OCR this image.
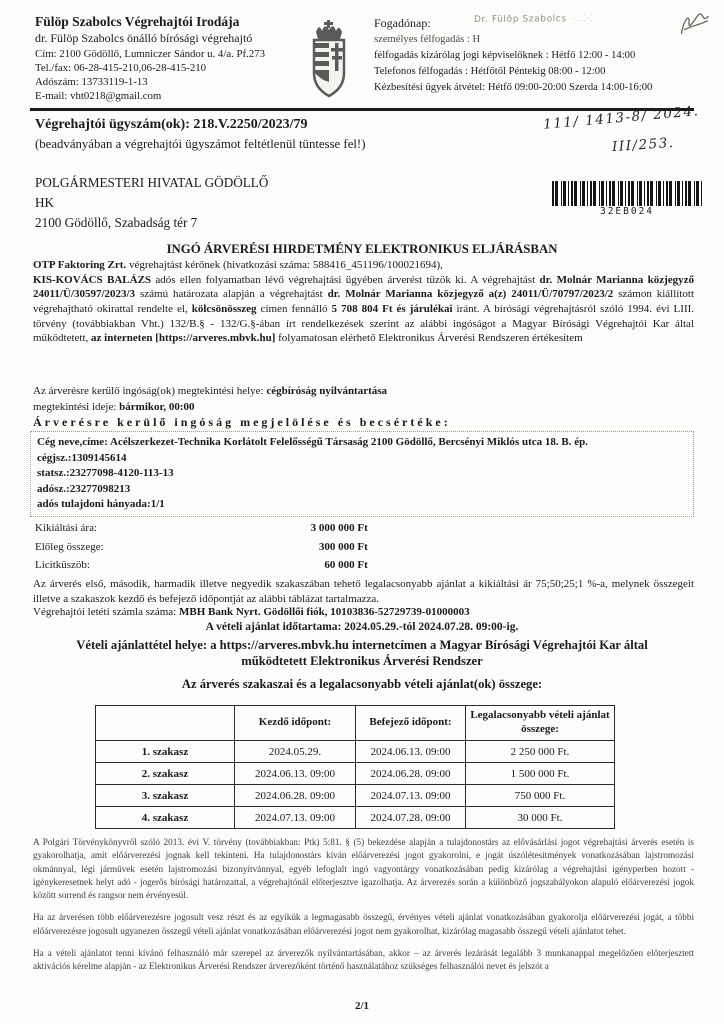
Fülöp Szabolcs Végrehajtói Irodája
dr. Fülöp Szabolcs önálló bírósági végrehajtó
Cím: 2100 Gödöllő, Lumniczer Sándor u. 4/a. Pf.273
Tel./fax: 06-28-415-210,06-28-415-210
Adószám: 13733119-1-13
E-mail: vht0218@gmail.com
Dr. Fülöp Szabolcs  ·․ׁ‥·ׁ․
Fogadónap:
személyes félfogadás : H
félfogadás kizárólag jogi képviselőknek : Hétfő 12:00 - 14:00
Telefonos félfogadás : Hétfőtől Péntekig 08:00 - 12:00
Kézbesítési ügyek átvétel: Hétfő 09:00-20:00 Szerda 14:00-16:00
Végrehajtói ügyszám(ok): 218.V.2250/2023/79
(beadványában a végrehajtói ügyszámot feltétlenül tüntesse fel!)
111/ 1413-8/ 2024.
III/253.
POLGÁRMESTERI HIVATAL GÖDÖLLŐ
HK
2100 Gödöllő, Szabadság tér 7
32EB024
INGÓ ÁRVERÉSI HIRDETMÉNY ELEKTRONIKUS ELJÁRÁSBAN
OTP Faktoring Zrt. végrehajtást kérőnek (hivatkozási száma: 588416_451196/100021694),
KIS-KOVÁCS BALÁZS adós ellen folyamatban lévő végrehajtási ügyében árverést tűzök ki. A végrehajtást dr. Molnár Marianna közjegyző 24011/Ü/30597/2023/3 számú határozata alapján a végrehajtást dr. Molnár Marianna közjegyző a(z) 24011/Ü/70797/2023/2 számon kiállított végrehajtható okirattal rendelte el, kölcsönösszeg címen fennálló 5 708 804 Ft és járulékai iránt. A bírósági végrehajtásról szóló 1994. évi LIII. törvény (továbbiakban Vht.) 132/B.§ - 132/G.§-ában írt rendelkezések szerint az alábbi ingóságot a Magyar Bírósági Végrehajtói Kar által működtetett, az interneten [https://arveres.mbvk.hu] folyamatosan elérhető Elektronikus Árverési Rendszeren értékesítem
Az árverésre kerülő ingóság(ok) megtekintési helye: cégbíróság nyilvántartása
megtekintési ideje: bármikor, 00:00
Árverésre kerülő ingóság megjelölése és becsértéke:
Cég neve,címe: Acélszerkezet-Technika Korlátolt Felelősségű Társaság 2100 Gödöllő, Bercsényi Miklós utca 18. B. ép.
cégjsz.:1309145614
statsz.:23277098-4120-113-13
adósz.:23277098213
adós tulajdoni hányada:1/1
Kikiáltási ára:	3 000 000 Ft
Előleg összege:	300 000 Ft
Licitküszöb:	60 000 Ft
Az árverés első, második, harmadik illetve negyedik szakaszában tehető legalacsonyabb ajánlat a kikiáltási ár 75;50;25;1 %-a, melynek összegeit illetve a szakaszok kezdő és befejező időpontját az alábbi táblázat tartalmazza.
Végrehajtói letéti számla száma: MBH Bank Nyrt. Gödöllői fiók, 10103836-52729739-01000003
A vételi ajánlat időtartama: 2024.05.29.-tól 2024.07.28. 09:00-ig.
Vételi ajánlattétel helye: a https://arveres.mbvk.hu internetcímen a Magyar Bírósági Végrehajtói Kar által működtetett Elektronikus Árverési Rendszer
Az árverés szakaszai és a legalacsonyabb vételi ajánlat(ok) összege:
	Kezdő időpont:	Befejező időpont:	Legalacsonyabb vételi ajánlat összege:
1. szakasz	2024.05.29.	2024.06.13. 09:00	2 250 000 Ft.
2. szakasz	2024.06.13. 09:00	2024.06.28. 09:00	1 500 000 Ft.
3. szakasz	2024.06.28. 09:00	2024.07.13. 09:00	750 000 Ft.
4. szakasz	2024.07.13. 09:00	2024.07.28. 09:00	30 000 Ft.

A Polgári Törvénykönyvről szóló 2013. évi V. törvény (továbbiakban: Ptk) 5:81. § (5) bekezdése alapján a tulajdonostárs az elővásárlási jogot végrehajtási árverés esetén is gyakorolhatja, amit előárverezési jognak kell tekinteni. Ha tulajdonostárs kíván előárverezési jogot gyakorolni, e jogát úszólétesítmények vonatkozásában lajstromozási okmánnyal, légi járművek esetén lajstromozási bizonyítvánnyal, egyéb lefoglalt ingó vagyontárgy vonatkozásában pedig kizárólag a végrehajtási igényperben hozott - igénykeresetnek helyt adó - jogerős bírósági határozattal, a végrehajtónál előterjesztve igazolhatja. Az árverezés során a különböző jogszabályokon alapuló előárverezési jogok között sorrend és rangsor nem érvényesül.

Ha az árverésen több előárverezésre jogosult vesz részt és az egyikük a legmagasabb összegű, érvényes vételi ajánlat vonatkozásában gyakorolja előárverezési jogát, a többi előárverezésre jogosult ugyanezen összegű vételi ajánlat vonatkozásában előárverezési jogot nem gyakorolhat, kizárólag magasabb összegű vételi ajánlatot tehet.

Ha a vételi ajánlatot tenni kívánó felhasználó már szerepel az árverezők nyilvántartásában, akkor – az árverés lezárását legalább 3 munkanappal megelőzően előterjesztett aktivációs kérelme alapján - az Elektronikus Árverési Rendszer árverezőként történő használatához szükséges felhasználói nevet és jelszót a

2/1
